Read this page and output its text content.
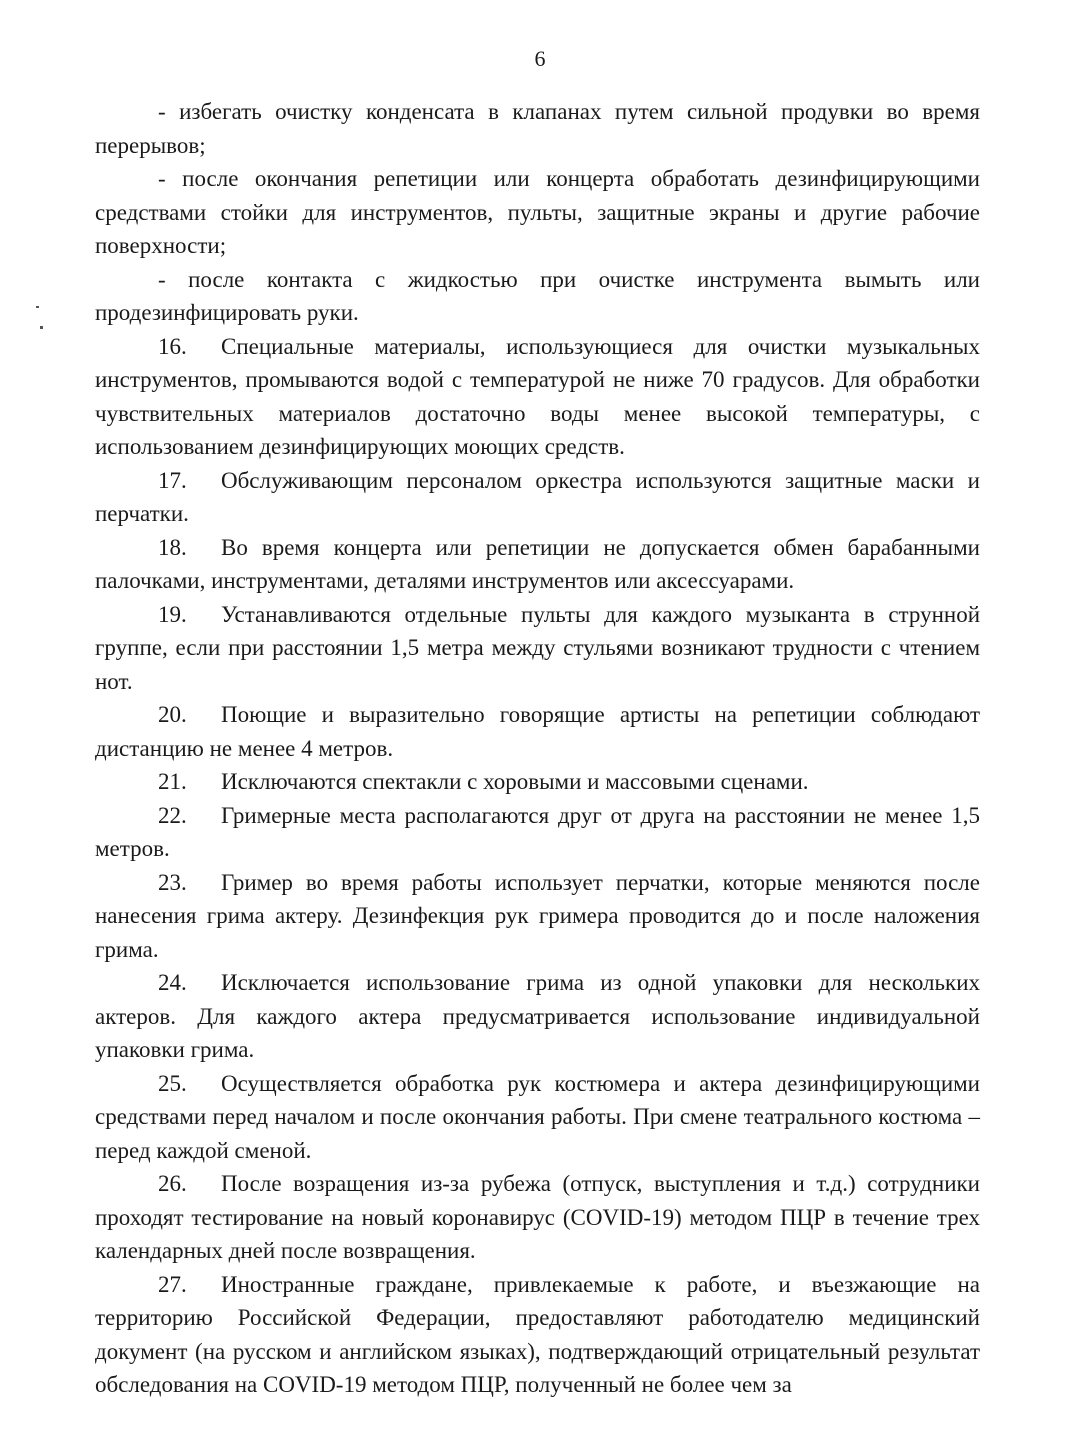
6

- избегать очистку конденсата в клапанах путем сильной продувки во время перерывов;

- после окончания репетиции или концерта обработать дезинфицирующими средствами стойки для инструментов, пульты, защитные экраны и другие рабочие поверхности;

- после контакта с жидкостью при очистке инструмента вымыть или продезинфицировать руки.

16. Специальные материалы, использующиеся для очистки музыкальных инструментов, промываются водой с температурой не ниже 70 градусов. Для обработки чувствительных материалов достаточно воды менее высокой температуры, с использованием дезинфицирующих моющих средств.

17. Обслуживающим персоналом оркестра используются защитные маски и перчатки.

18. Во время концерта или репетиции не допускается обмен барабанными палочками, инструментами, деталями инструментов или аксессуарами.

19. Устанавливаются отдельные пульты для каждого музыканта в струнной группе, если при расстоянии 1,5 метра между стульями возникают трудности с чтением нот.

20. Поющие и выразительно говорящие артисты на репетиции соблюдают дистанцию не менее 4 метров.

21. Исключаются спектакли с хоровыми и массовыми сценами.

22. Гримерные места располагаются друг от друга на расстоянии не менее 1,5 метров.

23. Гример во время работы использует перчатки, которые меняются после нанесения грима актеру. Дезинфекция рук гримера проводится до и после наложения грима.

24. Исключается использование грима из одной упаковки для нескольких актеров. Для каждого актера предусматривается использование индивидуальной упаковки грима.

25. Осуществляется обработка рук костюмера и актера дезинфицирующими средствами перед началом и после окончания работы. При смене театрального костюма – перед каждой сменой.

26. После возращения из-за рубежа (отпуск, выступления и т.д.) сотрудники проходят тестирование на новый коронавирус (COVID-19) методом ПЦР в течение трех календарных дней после возвращения.

27. Иностранные граждане, привлекаемые к работе, и въезжающие на территорию Российской Федерации, предоставляют работодателю медицинский документ (на русском и английском языках), подтверждающий отрицательный результат обследования на COVID-19 методом ПЦР, полученный не более чем за
